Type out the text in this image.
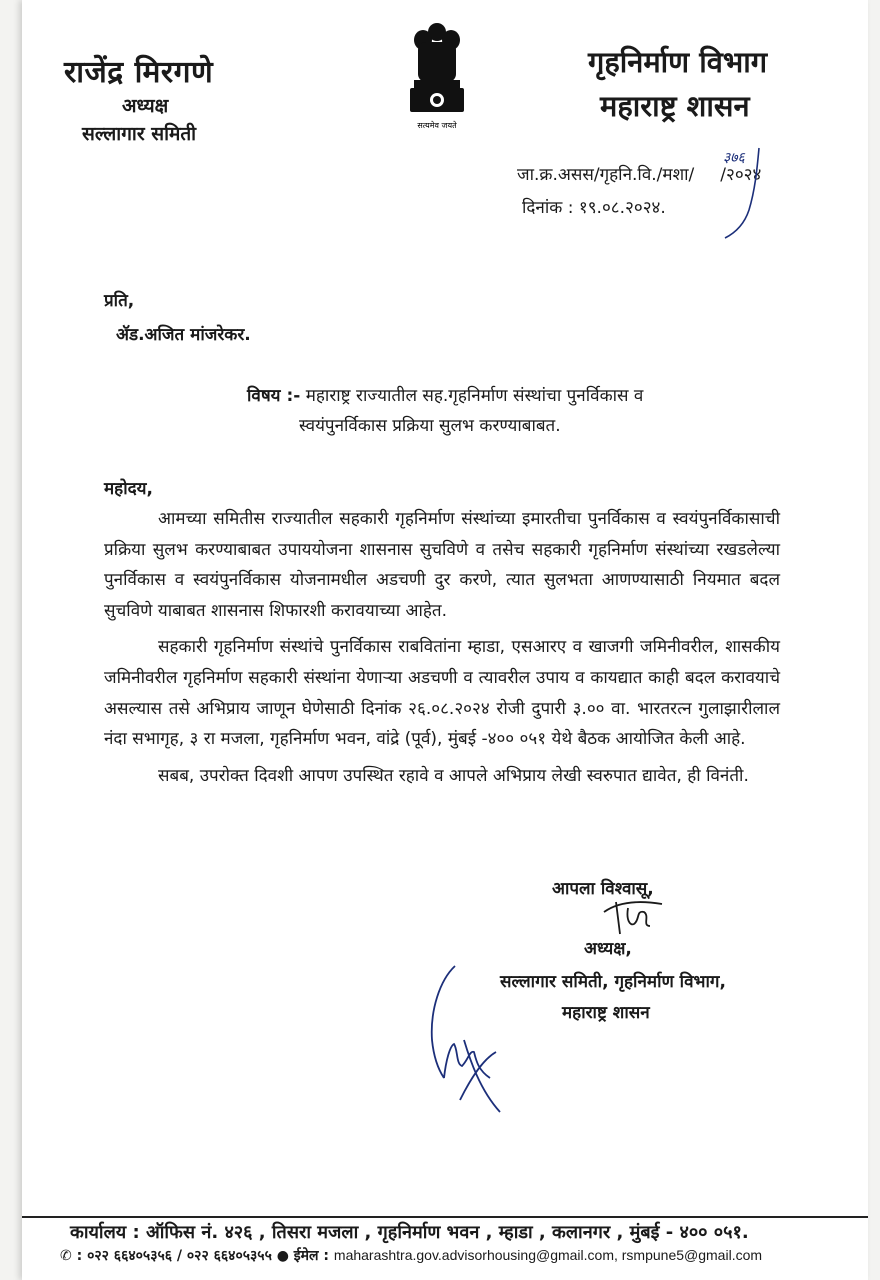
राजेंद्र मिरगणे
अध्यक्ष
सल्लागार समिती	सत्यमेव जयते
गृहनिर्माण विभाग
महाराष्ट्र शासन
जा.क्र.असस/गृहनि.वि./मशा/ /२०२४
३७६
दिनांक : १९.०८.२०२४.
प्रति,
ॲड.अजित मांजरेकर.
विषय :- महाराष्ट्र राज्यातील सह.गृहनिर्माण संस्थांचा पुनर्विकास व
स्वयंपुनर्विकास प्रक्रिया सुलभ करण्याबाबत.
महोदय,

आमच्या समितीस राज्यातील सहकारी गृहनिर्माण संस्थांच्या इमारतीचा पुनर्विकास व स्वयंपुनर्विकासाची प्रक्रिया सुलभ करण्याबाबत उपाययोजना शासनास सुचविणे व तसेच सहकारी गृहनिर्माण संस्थांच्या रखडलेल्या पुनर्विकास व स्वयंपुनर्विकास योजनामधील अडचणी दुर करणे, त्यात सुलभता आणण्यासाठी नियमात बदल सुचविणे याबाबत शासनास शिफारशी करावयाच्या आहेत.

सहकारी गृहनिर्माण संस्थांचे पुनर्विकास राबवितांना म्हाडा, एसआरए व खाजगी जमिनीवरील, शासकीय जमिनीवरील गृहनिर्माण सहकारी संस्थांना येणाऱ्या अडचणी व त्यावरील उपाय व कायद्यात काही बदल करावयाचे असल्यास तसे अभिप्राय जाणून घेणेसाठी दिनांक २६.०८.२०२४ रोजी दुपारी ३.०० वा. भारतरत्न गुलाझारीलाल नंदा सभागृह, ३ रा मजला, गृहनिर्माण भवन, वांद्रे (पूर्व), मुंबई -४०० ०५१ येथे बैठक आयोजित केली आहे.

सबब, उपरोक्त दिवशी आपण उपस्थित रहावे व आपले अभिप्राय लेखी स्वरुपात द्यावेत, ही विनंती.

आपला विश्वासू,
अध्यक्ष,
सल्लागार समिती, गृहनिर्माण विभाग,
महाराष्ट्र शासन
कार्यालय : ऑफिस नं. ४२६ , तिसरा मजला , गृहनिर्माण भवन , म्हाडा , कलानगर , मुंबई - ४०० ०५१.
✆ : ०२२ ६६४०५३५६ / ०२२ ६६४०५३५५ ● ईमेल : maharashtra.gov.advisorhousing@gmail.com, rsmpune5@gmail.com
